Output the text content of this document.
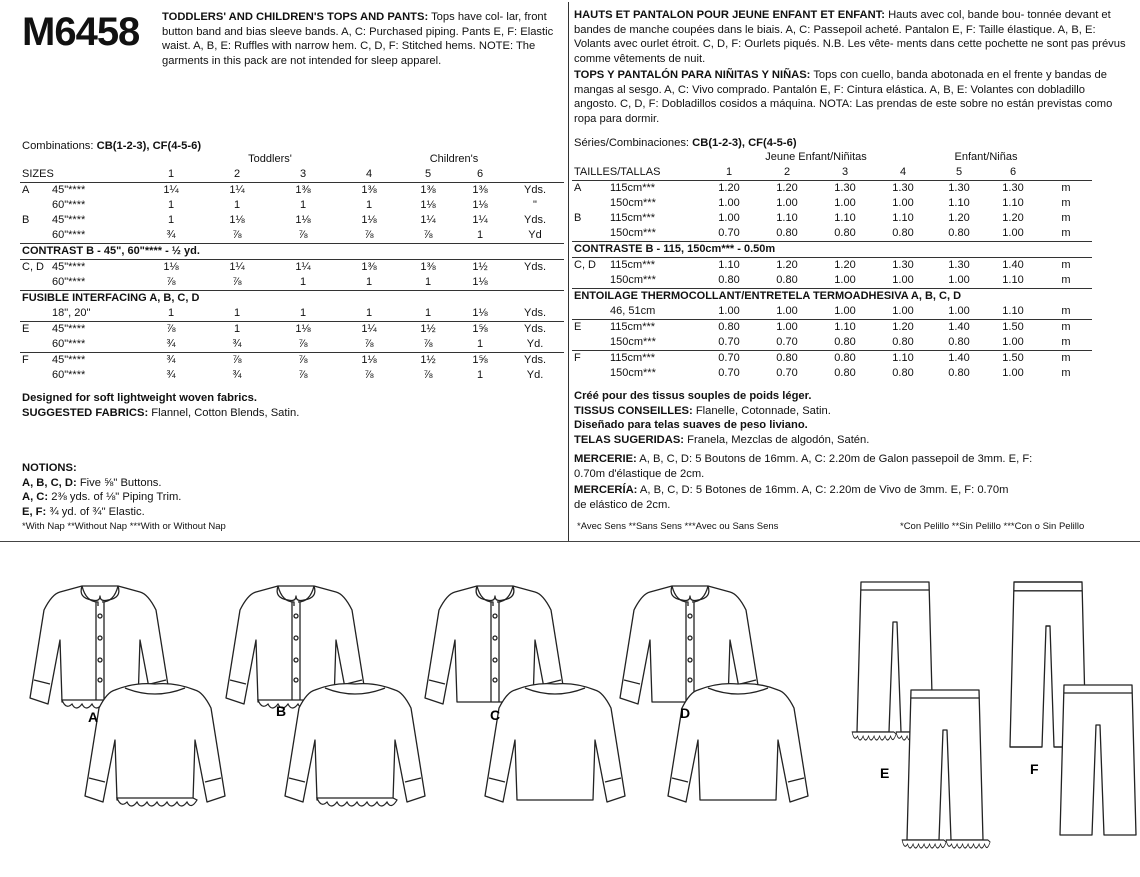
M6458 TODDLERS' AND CHILDREN'S TOPS AND PANTS: Tops have col- lar, front button band and bias sleeve bands. A, C: Purchased piping. Pants E, F: Elastic waist. A, B, E: Ruffles with narrow hem. C, D, F: Stitched hems. NOTE: The garments in this pack are not intended for sleep apparel.
HAUTS ET PANTALON POUR JEUNE ENFANT ET ENFANT: Hauts avec col, bande bou- tonnée devant et bandes de manche coupées dans le biais. A, C: Passepoil acheté. Pantalon E, F: Taille élastique. A, B, E: Volants avec ourlet étroit. C, D, F: Ourlets piqués. N.B. Les vête- ments dans cette pochette ne sont pas prévus comme vêtements de nuit.
TOPS Y PANTALÓN PARA NIÑITAS Y NIÑAS: Tops con cuello, banda abotonada en el frente y bandas de mangas al sesgo. A, C: Vivo comprado. Pantalón E, F: Cintura elástica. A, B, E: Volantes con dobladillo angosto. C, D, F: Dobladillos cosidos a máquina. NOTA: Las prendas de este sobre no están previstas como ropa para dormir.
Combinations: CB(1-2-3), CF(4-5-6)	Séries/Combinaciones: CB(1-2-3), CF(4-5-6)
		Toddlers'				Children's		
SIZES		1	2	3	4	5	6	
A	45"****	1¼	1¼	1⅜	1⅜	1⅜	1⅜	Yds.
	60"****	1	1	1	1	1⅛	1⅛	"
B	45"****	1	1⅛	1⅛	1⅛	1¼	1¼	Yds.
	60"****	¾	⅞	⅞	⅞	⅞	1	Yd
CONTRAST B - 45", 60"**** - ½ yd.								
C, D	45"****	1⅛	1¼	1¼	1⅜	1⅜	1½	Yds.
	60"****	⅞	⅞	1	1	1	1⅛	
FUSIBLE INTERFACING A, B, C, D								
	18", 20"	1	1	1	1	1	1⅛	Yds.
E	45"****	⅞	1	1⅛	1¼	1½	1⅝	Yds.
	60"****	¾	¾	⅞	⅞	⅞	1	Yd.
F	45"****	¾	⅞	⅞	1⅛	1½	1⅝	Yds.
	60"****	¾	¾	⅞	⅞	⅞	1	Yd.
		Jeune Enfant/Niñitas				Enfant/Niñas		
TAILLES/TALLAS		1	2	3	4	5	6	
A	115cm***	1.20	1.20	1.30	1.30	1.30	1.30	m
	150cm***	1.00	1.00	1.00	1.00	1.10	1.10	m
B	115cm***	1.00	1.10	1.10	1.10	1.20	1.20	m
	150cm***	0.70	0.80	0.80	0.80	0.80	1.00	m
CONTRASTE B - 115, 150cm*** - 0.50m								
C, D	115cm***	1.10	1.20	1.20	1.30	1.30	1.40	m
	150cm***	0.80	0.80	1.00	1.00	1.00	1.10	m
ENTOILAGE THERMOCOLLANT/ENTRETELA TERMOADHESIVA A, B, C, D								
	46, 51cm	1.00	1.00	1.00	1.00	1.00	1.10	m
E	115cm***	0.80	1.00	1.10	1.20	1.40	1.50	m
	150cm***	0.70	0.70	0.80	0.80	0.80	1.00	m
F	115cm***	0.70	0.80	0.80	1.10	1.40	1.50	m
	150cm***	0.70	0.70	0.80	0.80	0.80	1.00	m
Designed for soft lightweight woven fabrics.
SUGGESTED FABRICS: Flannel, Cotton Blends, Satin.
NOTIONS:
A, B, C, D: Five ⅝" Buttons.
A, C: 2⅜ yds. of ⅛" Piping Trim.
E, F: ¾ yd. of ¾" Elastic.
*With Nap **Without Nap ***With or Without Nap
Créé pour des tissus souples de poids léger.
TISSUS CONSEILLES: Flanelle, Cotonnade, Satin.
Diseñado para telas suaves de peso liviano.
TELAS SUGERIDAS: Franela, Mezclas de algodón, Satén.
MERCERIE: A, B, C, D: 5 Boutons de 16mm. A, C: 2.20m de Galon passepoil de 3mm. E, F:
0.70m d'élastique de 2cm.
MERCERÍA: A, B, C, D: 5 Botones de 16mm. A, C: 2.20m de Vivo de 3mm. E, F: 0.70m
de elástico de 2cm.
*Avec Sens **Sans Sens ***Avec ou Sans Sens	*Con Pelillo **Sin Pelillo ***Con o Sin Pelillo
A	B	C	D
E	F
